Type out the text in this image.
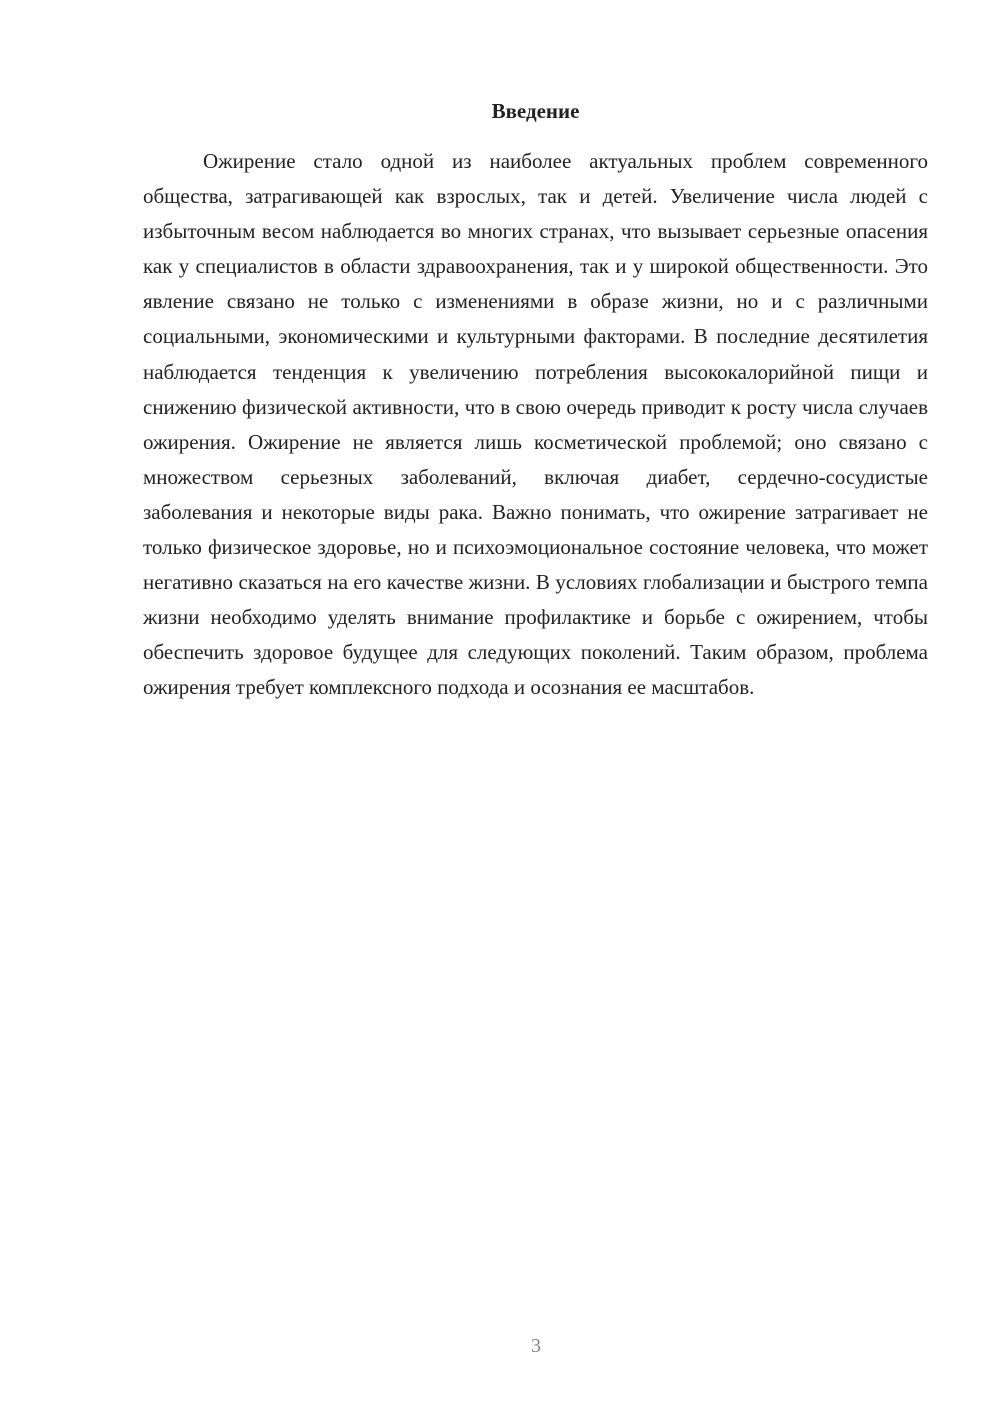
Введение

Ожирение стало одной из наиболее актуальных проблем современного общества, затрагивающей как взрослых, так и детей. Увеличение числа людей с избыточным весом наблюдается во многих странах, что вызывает серьезные опасения как у специалистов в области здравоохранения, так и у широкой общественности. Это явление связано не только с изменениями в образе жизни, но и с различными социальными, экономическими и культурными факторами. В последние десятилетия наблюдается тенденция к увеличению потребления высококалорийной пищи и снижению физической активности, что в свою очередь приводит к росту числа случаев ожирения. Ожирение не является лишь косметической проблемой; оно связано с множеством серьезных заболеваний, включая диабет, сердечно-сосудистые заболевания и некоторые виды рака. Важно понимать, что ожирение затрагивает не только физическое здоровье, но и психоэмоциональное состояние человека, что может негативно сказаться на его качестве жизни. В условиях глобализации и быстрого темпа жизни необходимо уделять внимание профилактике и борьбе с ожирением, чтобы обеспечить здоровое будущее для следующих поколений. Таким образом, проблема ожирения требует комплексного подхода и осознания ее масштабов.

3
